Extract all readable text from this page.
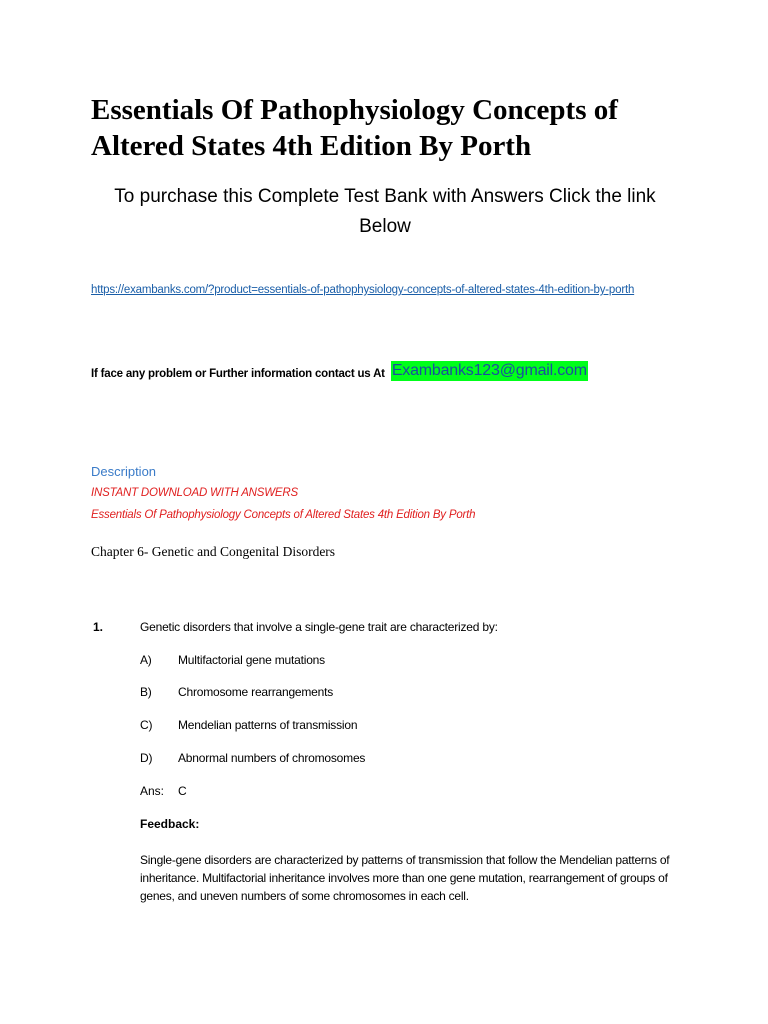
Essentials Of Pathophysiology Concepts of Altered States 4th Edition By Porth
To purchase this Complete Test Bank with Answers Click the link Below
https://exambanks.com/?product=essentials-of-pathophysiology-concepts-of-altered-states-4th-edition-by-porth
If face any problem or Further information contact us At Exambanks123@gmail.com
Description
INSTANT DOWNLOAD WITH ANSWERS
Essentials Of Pathophysiology Concepts of Altered States 4th Edition By Porth
Chapter 6- Genetic and Congenital Disorders
1.	Genetic disorders that involve a single-gene trait are characterized by:
A) Multifactorial gene mutations
B) Chromosome rearrangements
C) Mendelian patterns of transmission
D) Abnormal numbers of chromosomes
Ans: C
Feedback:
Single-gene disorders are characterized by patterns of transmission that follow the Mendelian patterns of inheritance. Multifactorial inheritance involves more than one gene mutation, rearrangement of groups of genes, and uneven numbers of some chromosomes in each cell.
